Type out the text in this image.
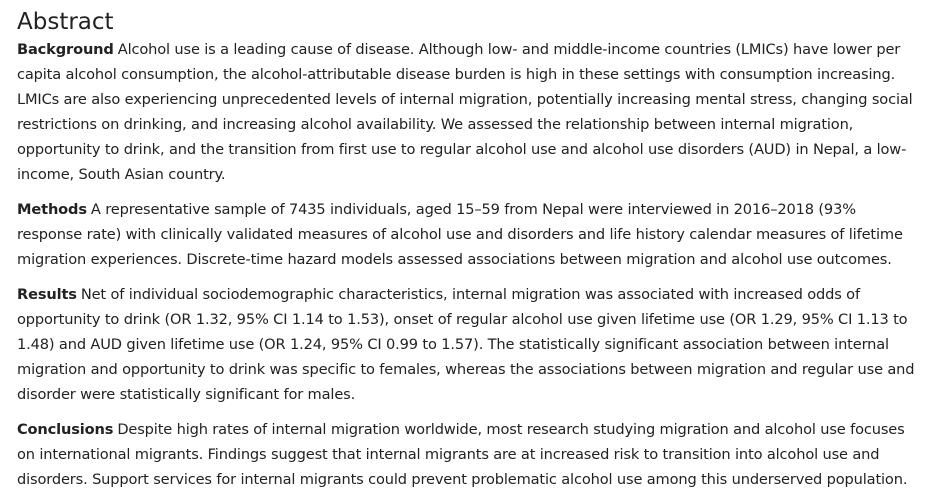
Abstract

Background Alcohol use is a leading cause of disease. Although low- and middle-income countries (LMICs) have lower per capita alcohol consumption, the alcohol-attributable disease burden is high in these settings with consumption increasing. LMICs are also experiencing unprecedented levels of internal migration, potentially increasing mental stress, changing social restrictions on drinking, and increasing alcohol availability. We assessed the relationship between internal migration, opportunity to drink, and the transition from first use to regular alcohol use and alcohol use disorders (AUD) in Nepal, a low-income, South Asian country.

Methods A representative sample of 7435 individuals, aged 15–59 from Nepal were interviewed in 2016–2018 (93% response rate) with clinically validated measures of alcohol use and disorders and life history calendar measures of lifetime migration experiences. Discrete-time hazard models assessed associations between migration and alcohol use outcomes.

Results Net of individual sociodemographic characteristics, internal migration was associated with increased odds of opportunity to drink (OR 1.32, 95% CI 1.14 to 1.53), onset of regular alcohol use given lifetime use (OR 1.29, 95% CI 1.13 to 1.48) and AUD given lifetime use (OR 1.24, 95% CI 0.99 to 1.57). The statistically significant association between internal migration and opportunity to drink was specific to females, whereas the associations between migration and regular use and disorder were statistically significant for males.

Conclusions Despite high rates of internal migration worldwide, most research studying migration and alcohol use focuses on international migrants. Findings suggest that internal migrants are at increased risk to transition into alcohol use and disorders. Support services for internal migrants could prevent problematic alcohol use among this underserved population.
